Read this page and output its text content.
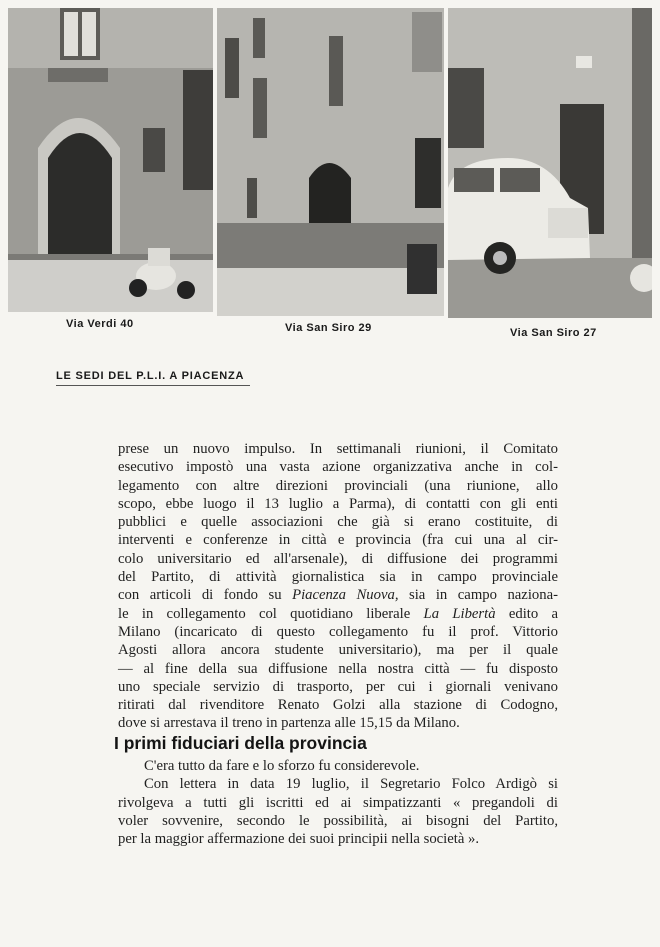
Via Verdi 40	Via San Siro 29	Via San Siro 27
LE SEDI DEL P.L.I. A PIACENZA

prese un nuovo impulso. In settimanali riunioni, il Comitato
esecutivo impostò una vasta azione organizzativa anche in col-
legamento con altre direzioni provinciali (una riunione, allo
scopo, ebbe luogo il 13 luglio a Parma), di contatti con gli enti
pubblici e quelle associazioni che già si erano costituite, di
interventi e conferenze in città e provincia (fra cui una al cir-
colo universitario ed all'arsenale), di diffusione dei programmi
del Partito, di attività giornalistica sia in campo provinciale
con articoli di fondo su Piacenza Nuova, sia in campo naziona-
le in collegamento col quotidiano liberale La Libertà edito a
Milano (incaricato di questo collegamento fu il prof. Vittorio
Agosti allora ancora studente universitario), ma per il quale
— al fine della sua diffusione nella nostra città — fu disposto
uno speciale servizio di trasporto, per cui i giornali venivano
ritirati dal rivenditore Renato Golzi alla stazione di Codogno,
dove si arrestava il treno in partenza alle 15,15 da Milano.

I primi fiduciari della provincia

C'era tutto da fare e lo sforzo fu considerevole.
Con lettera in data 19 luglio, il Segretario Folco Ardigò si
rivolgeva a tutti gli iscritti ed ai simpatizzanti « pregandoli di
voler sovvenire, secondo le possibilità, ai bisogni del Partito,
per la maggior affermazione dei suoi principii nella società ».
